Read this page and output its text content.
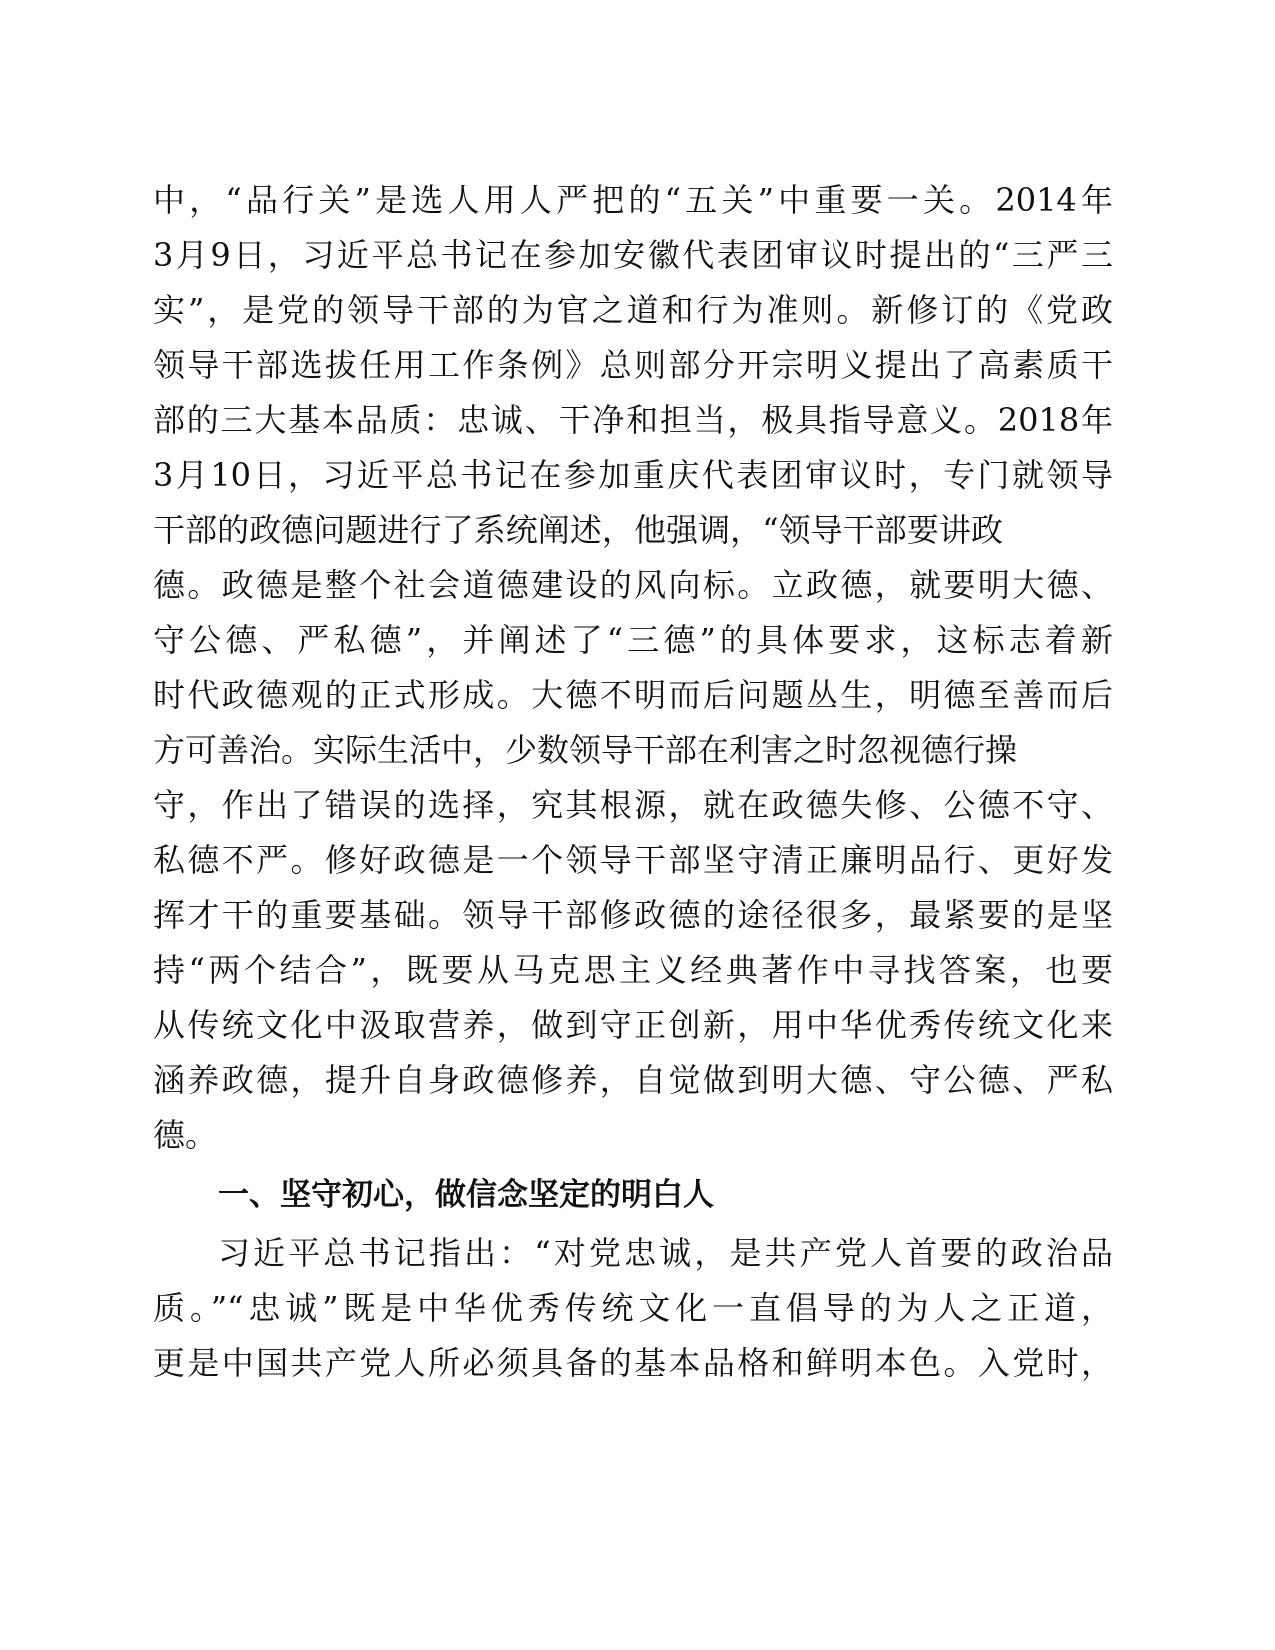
中，“品行关”是选人用人严把的“五关”中重要一关。2014年
3月9日，习近平总书记在参加安徽代表团审议时提出的“三严三
实”，是党的领导干部的为官之道和行为准则。新修订的《党政
领导干部选拔任用工作条例》总则部分开宗明义提出了高素质干
部的三大基本品质：忠诚、干净和担当，极具指导意义。2018年
3月10日，习近平总书记在参加重庆代表团审议时，专门就领导
干部的政德问题进行了系统阐述，他强调，“领导干部要讲政
德。政德是整个社会道德建设的风向标。立政德，就要明大德、
守公德、严私德”，并阐述了“三德”的具体要求，这标志着新
时代政德观的正式形成。大德不明而后问题丛生，明德至善而后
方可善治。实际生活中，少数领导干部在利害之时忽视德行操
守，作出了错误的选择，究其根源，就在政德失修、公德不守、
私德不严。修好政德是一个领导干部坚守清正廉明品行、更好发
挥才干的重要基础。领导干部修政德的途径很多，最紧要的是坚
持“两个结合”，既要从马克思主义经典著作中寻找答案，也要
从传统文化中汲取营养，做到守正创新，用中华优秀传统文化来
涵养政德，提升自身政德修养，自觉做到明大德、守公德、严私
德。
一、坚守初心，做信念坚定的明白人
习近平总书记指出：“对党忠诚，是共产党人首要的政治品
质。”“忠诚”既是中华优秀传统文化一直倡导的为人之正道，
更是中国共产党人所必须具备的基本品格和鲜明本色。入党时，
